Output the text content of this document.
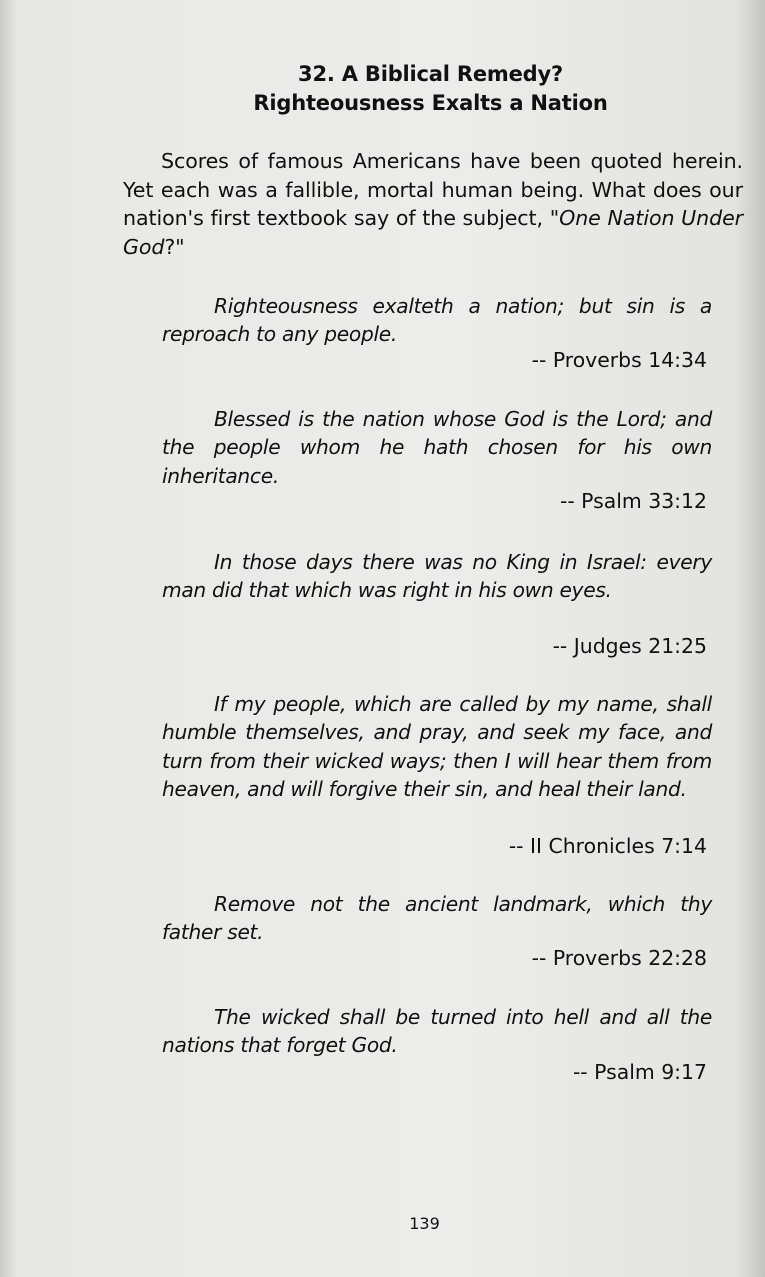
32. A Biblical Remedy?
Righteousness Exalts a Nation
Scores of famous Americans have been quoted herein. Yet each was a fallible, mortal human being. What does our nation's first textbook say of the subject, "One Nation Under God?"
Righteousness exalteth a nation; but sin is a reproach to any people.
-- Proverbs 14:34
Blessed is the nation whose God is the Lord; and the people whom he hath chosen for his own inheritance.
-- Psalm 33:12
In those days there was no King in Israel: every man did that which was right in his own eyes.
-- Judges 21:25
If my people, which are called by my name, shall humble themselves, and pray, and seek my face, and turn from their wicked ways; then I will hear them from heaven, and will forgive their sin, and heal their land.
-- II Chronicles 7:14
Remove not the ancient landmark, which thy father set.
-- Proverbs 22:28
The wicked shall be turned into hell and all the nations that forget God.
-- Psalm 9:17
139
